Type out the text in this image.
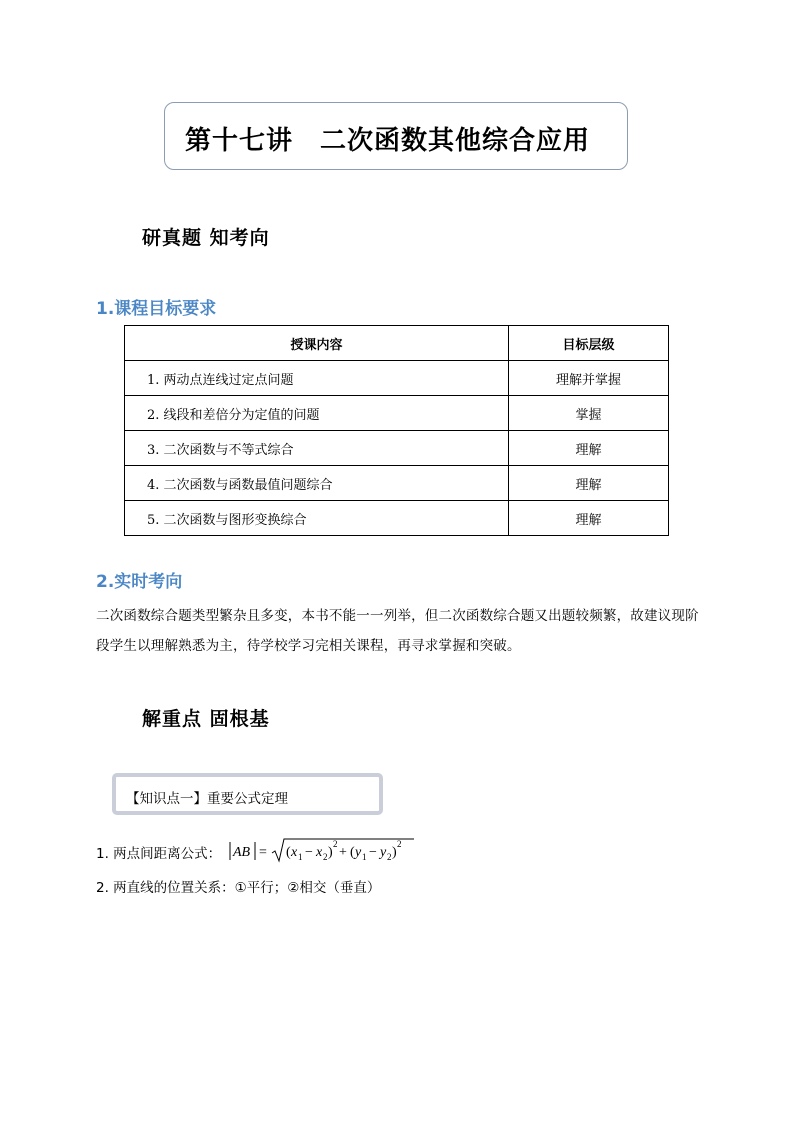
第十七讲　二次函数其他综合应用
研真题 知考向
1.课程目标要求
授课内容	目标层级
1. 两动点连线过定点问题	理解并掌握
2. 线段和差倍分为定值的问题	掌握
3. 二次函数与不等式综合	理解
4. 二次函数与函数最值问题综合	理解
5. 二次函数与图形变换综合	理解
2.实时考向
二次函数综合题类型繁杂且多变，本书不能一一列举，但二次函数综合题又出题较频繁，故建议现阶段学生以理解熟悉为主，待学校学习完相关课程，再寻求掌握和突破。
解重点 固根基
【知识点一】重要公式定理
1. 两点间距离公式： AB = ( x 1 − x 2 )
2
+ ( y 1 − y 2 )
2
2. 两直线的位置关系：①平行；②相交（垂直）
